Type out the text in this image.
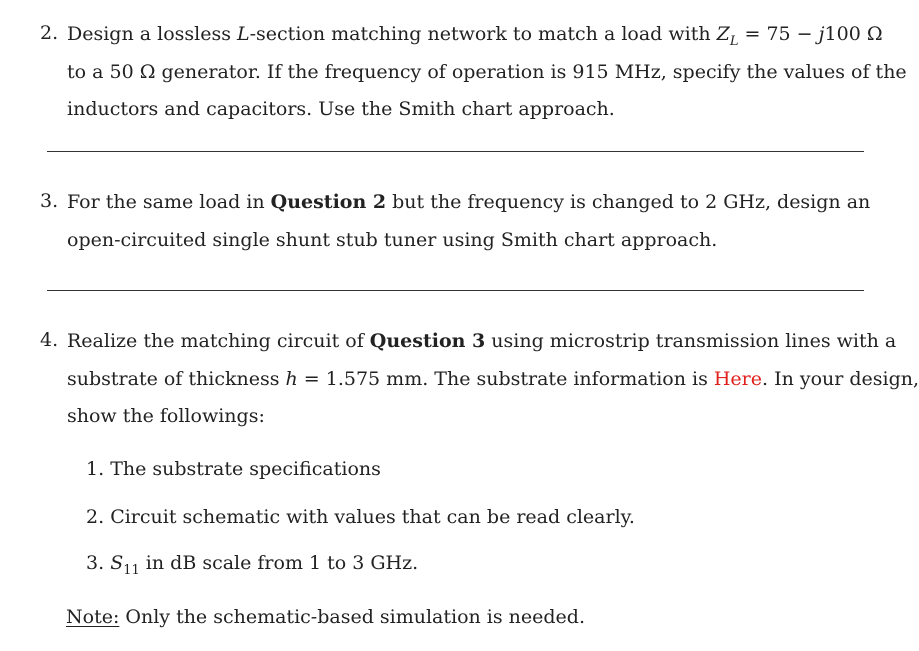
2. Design a lossless L-section matching network to match a load with $Z_L = 75 - j100$ Ω
to a 50 Ω generator. If the frequency of operation is 915 MHz, specify the values of the
inductors and capacitors. Use the Smith chart approach.
3. For the same load in Question 2 but the frequency is changed to 2 GHz, design an
open-circuited single shunt stub tuner using Smith chart approach.
4. Realize the matching circuit of Question 3 using microstrip transmission lines with a
substrate of thickness h = 1.575 mm. The substrate information is Here. In your design,
show the followings:
1. The substrate specifications
2. Circuit schematic with values that can be read clearly.
3. $S_{11}$ in dB scale from 1 to 3 GHz.
Note: Only the schematic-based simulation is needed.
